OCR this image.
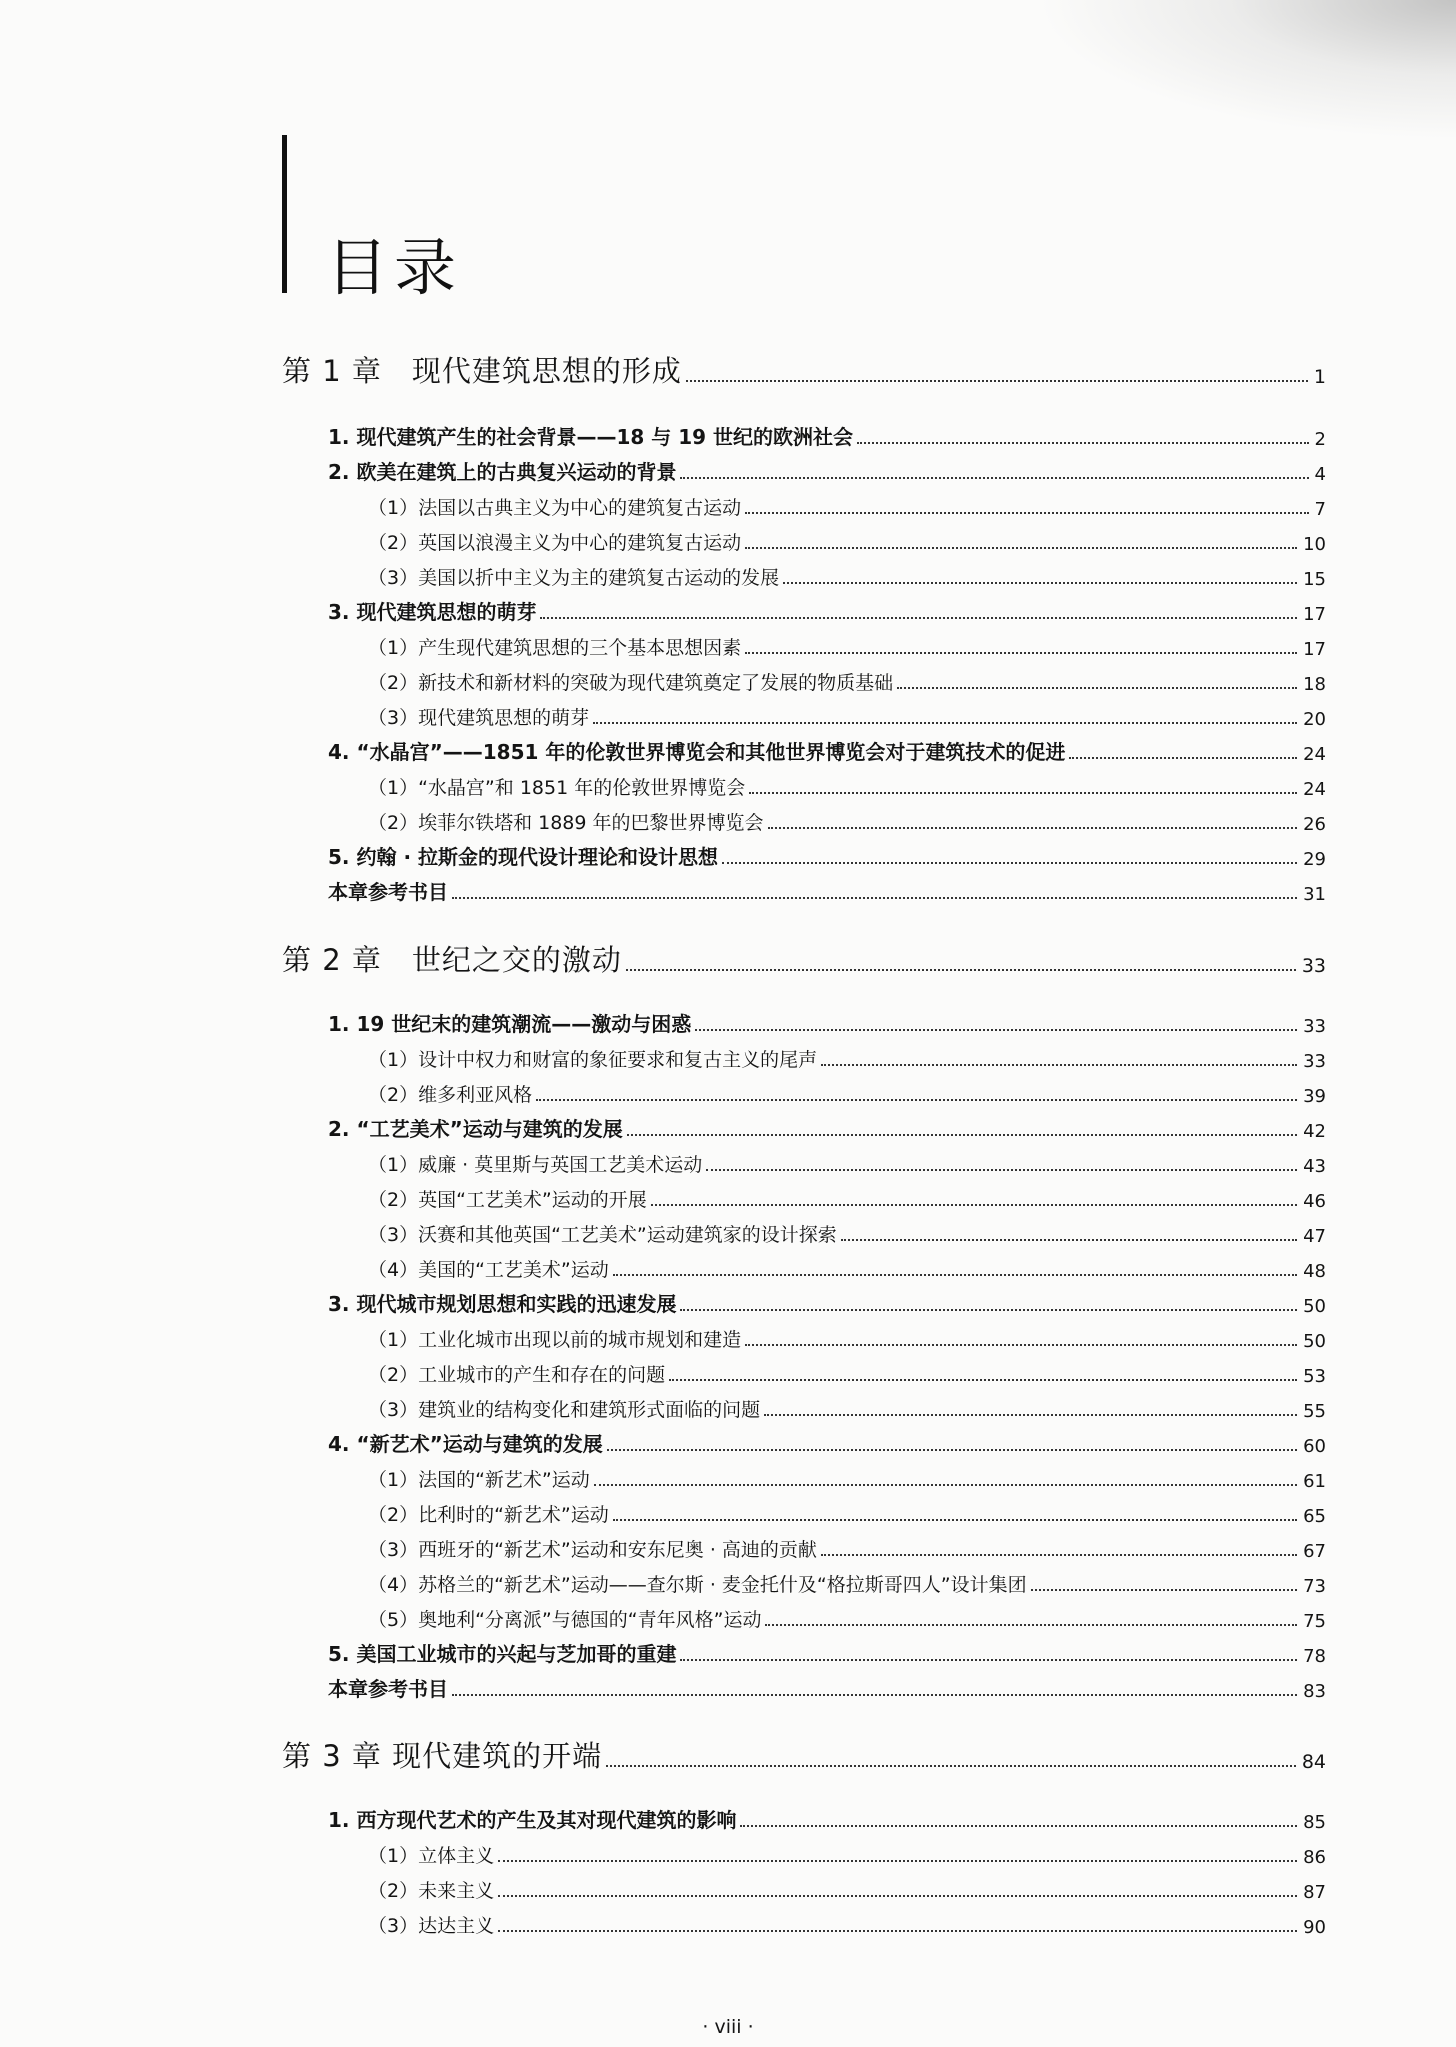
目录
第 1 章　现代建筑思想的形成	1
1. 现代建筑产生的社会背景——18 与 19 世纪的欧洲社会	2
2. 欧美在建筑上的古典复兴运动的背景	4
（1）法国以古典主义为中心的建筑复古运动	7
（2）英国以浪漫主义为中心的建筑复古运动	10
（3）美国以折中主义为主的建筑复古运动的发展	15
3. 现代建筑思想的萌芽	17
（1）产生现代建筑思想的三个基本思想因素	17
（2）新技术和新材料的突破为现代建筑奠定了发展的物质基础	18
（3）现代建筑思想的萌芽	20
4. “水晶宫”——1851 年的伦敦世界博览会和其他世界博览会对于建筑技术的促进	24
（1）“水晶宫”和 1851 年的伦敦世界博览会	24
（2）埃菲尔铁塔和 1889 年的巴黎世界博览会	26
5. 约翰 · 拉斯金的现代设计理论和设计思想	29
本章参考书目	31
第 2 章　世纪之交的激动	33
1. 19 世纪末的建筑潮流——激动与困惑	33
（1）设计中权力和财富的象征要求和复古主义的尾声	33
（2）维多利亚风格	39
2. “工艺美术”运动与建筑的发展	42
（1）威廉 · 莫里斯与英国工艺美术运动	43
（2）英国“工艺美术”运动的开展	46
（3）沃赛和其他英国“工艺美术”运动建筑家的设计探索	47
（4）美国的“工艺美术”运动	48
3. 现代城市规划思想和实践的迅速发展	50
（1）工业化城市出现以前的城市规划和建造	50
（2）工业城市的产生和存在的问题	53
（3）建筑业的结构变化和建筑形式面临的问题	55
4. “新艺术”运动与建筑的发展	60
（1）法国的“新艺术”运动	61
（2）比利时的“新艺术”运动	65
（3）西班牙的“新艺术”运动和安东尼奥 · 高迪的贡献	67
（4）苏格兰的“新艺术”运动——查尔斯 · 麦金托什及“格拉斯哥四人”设计集团	73
（5）奥地利“分离派”与德国的“青年风格”运动	75
5. 美国工业城市的兴起与芝加哥的重建	78
本章参考书目	83
第 3 章 现代建筑的开端	84
1. 西方现代艺术的产生及其对现代建筑的影响	85
（1）立体主义	86
（2）未来主义	87
（3）达达主义	90
· viii ·
